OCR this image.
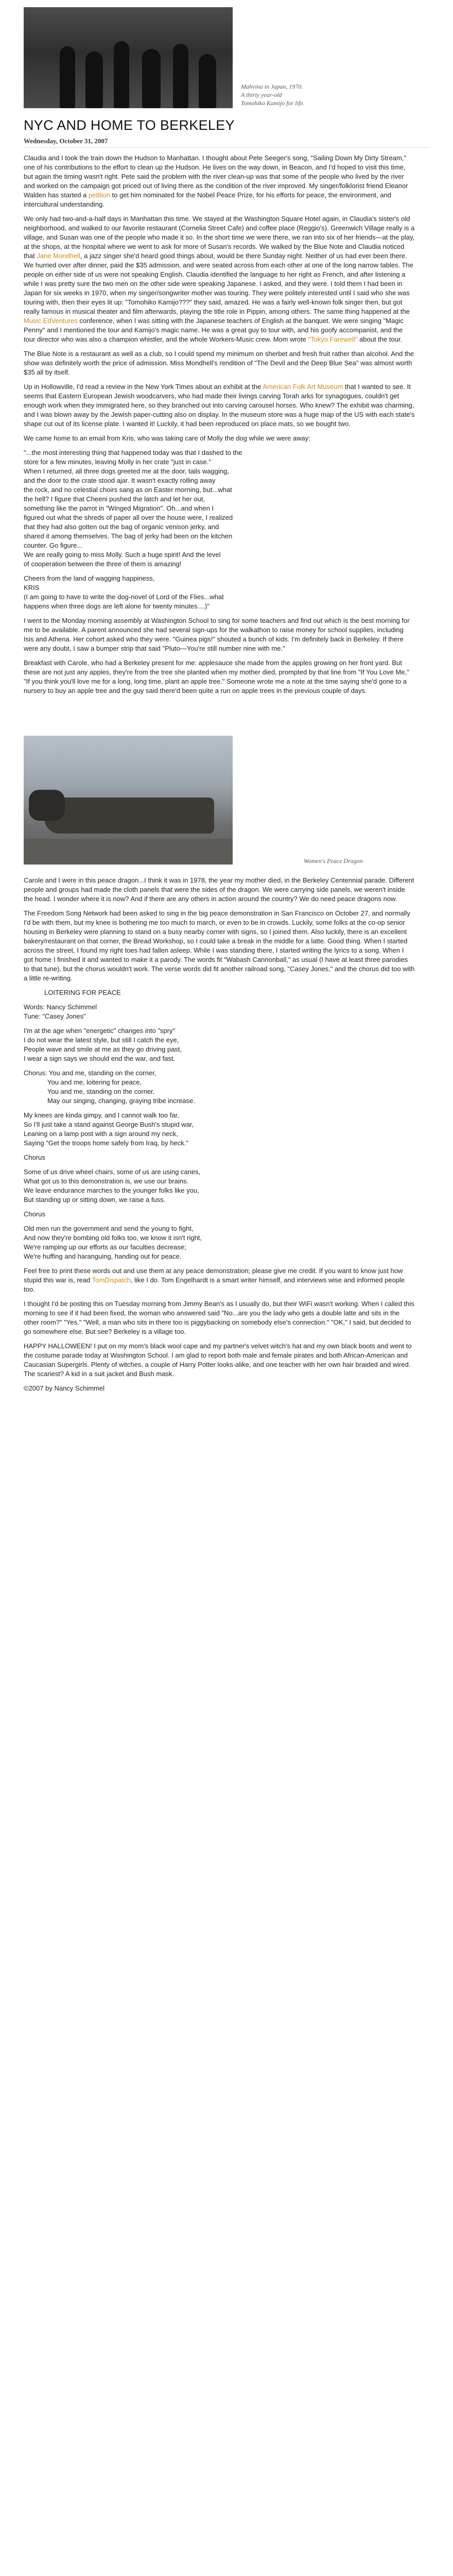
Mahvina in Japan, 1970.
A thirty year-old
Tomohiko Kamijo for life.
NYC AND HOME TO BERKELEY
Wednesday, October 31, 2007

Claudia and I took the train down the Hudson to Manhattan. I thought about Pete Seeger's song, "Sailing Down My Dirty Stream," one of his contributions to the effort to clean up the Hudson. He lives on the way down, in Beacon, and I'd hoped to visit this time, but again the timing wasn't right. Pete said the problem with the river clean-up was that some of the people who lived by the river and worked on the campaign got priced out of living there as the condition of the river improved. My singer/folklorist friend Eleanor Walden has started a petition to get him nominated for the Nobel Peace Prize, for his efforts for peace, the environment, and intercultural understanding.

We only had two-and-a-half days in Manhattan this time. We stayed at the Washington Square Hotel again, in Claudia's sister's old neighborhood, and walked to our favorite restaurant (Cornelia Street Cafe) and coffee place (Reggio's). Greenwich Village really is a village, and Susan was one of the people who made it so. In the short time we were there, we ran into six of her friends—at the play, at the shops, at the hospital where we went to ask for more of Susan's records. We walked by the Blue Note and Claudia noticed that Jane Mondhell, a jazz singer she'd heard good things about, would be there Sunday night. Neither of us had ever been there. We hurried over after dinner, paid the $35 admission, and were seated across from each other at one of the long narrow tables. The people on either side of us were not speaking English. Claudia identified the language to her right as French, and after listening a while I was pretty sure the two men on the other side were speaking Japanese. I asked, and they were. I told them I had been in Japan for six weeks in 1970, when my singer/songwriter mother was touring. They were politely interested until I said who she was touring with, then their eyes lit up: "Tomohiko Kamijo???" they said, amazed. He was a fairly well-known folk singer then, but got really famous in musical theater and film afterwards, playing the title role in Pippin, among others. The same thing happened at the Music EdVentures conference, when I was sitting with the Japanese teachers of English at the banquet. We were singing "Magic Penny" and I mentioned the tour and Kamijo's magic name. He was a great guy to tour with, and his goofy accompanist, and the tour director who was also a champion whistler, and the whole Workers-Music crew. Mom wrote "Tokyo Farewell" about the tour.

The Blue Note is a restaurant as well as a club, so I could spend my minimum on sherbet and fresh fruit rather than alcohol. And the show was definitely worth the price of admission. Miss Mondhell's rendition of "The Devil and the Deep Blue Sea" was almost worth $35 all by itself.

Up in Hollowville, I'd read a review in the New York Times about an exhibit at the American Folk Art Museum that I wanted to see. It seems that Eastern European Jewish woodcarvers, who had made their livings carving Torah arks for synagogues, couldn't get enough work when they immigrated here, so they branched out into carving carousel horses. Who knew? The exhibit was charming, and I was blown away by the Jewish paper-cutting also on display. In the museum store was a huge map of the US with each state's shape cut out of its license plate. I wanted it! Luckily, it had been reproduced on place mats, so we bought two.

We came home to an email from Kris, who was taking care of Molly the dog while we were away:

"...the most interesting thing that happened today was that I dashed to the
store for a few minutes, leaving Molly in her crate "just in case."
When I returned, all three dogs greeted me at the door, tails wagging,
and the door to the crate stood ajar. It wasn't exactly rolling away
the rock, and no celestial choirs sang as on Easter morning, but...what
the hell? I figure that Cheeni pushed the latch and let her out,
something like the parrot in "Winged Migration". Oh...and when I
figured out what the shreds of paper all over the house were, I realized
that they had also gotten out the bag of organic venison jerky, and
shared it among themselves. The bag of jerky had been on the kitchen
counter. Go figure...
We are really going to miss Molly. Such a huge spirit! And the level
of cooperation between the three of them is amazing!

Cheers from the land of wagging happiness,
KRIS
(I am going to have to write the dog-novel of Lord of the Flies...what
happens when three dogs are left alone for twenty minutes....)"

I went to the Monday morning assembly at Washington School to sing for some teachers and find out which is the best morning for me to be available. A parent announced she had several sign-ups for the walkathon to raise money for school supplies, including Isis and Athena. Her cohort asked who they were. "Guinea pigs!" shouted a bunch of kids. I'm definitely back in Berkeley. If there were any doubt, I saw a bumper strip that said "Pluto—You're still number nine with me."

Breakfast with Carole, who had a Berkeley present for me: applesauce she made from the apples growing on her front yard. But these are not just any apples, they're from the tree she planted when my mother died, prompted by that line from "If You Love Me," "If you think you'll love me for a long, long time, plant an apple tree." Someone wrote me a note at the time saying she'd gone to a nursery to buy an apple tree and the guy said there'd been quite a run on apple trees in the previous couple of days.

Women's Peace Dragon

Carole and I were in this peace dragon...I think it was in 1978, the year my mother died, in the Berkeley Centennial parade. Different people and groups had made the cloth panels that were the sides of the dragon. We were carrying side panels, we weren't inside the head. I wonder where it is now? And if there are any others in action around the country? We do need peace dragons now.

The Freedom Song Network had been asked to sing in the big peace demonstration in San Francisco on October 27, and normally I'd be with them, but my knee is bothering me too much to march, or even to be in crowds. Luckily, some folks at the co-op senior housing in Berkeley were planning to stand on a busy nearby corner with signs, so I joined them. Also luckily, there is an excellent bakery/restaurant on that corner, the Bread Workshop, so I could take a break in the middle for a latte. Good thing. When I started across the street, I found my right toes had fallen asleep. While I was standing there, I started writing the lyrics to a song. When I got home I finished it and wanted to make it a parody. The words fit "Wabash Cannonball," as usual (I have at least three parodies to that tune), but the chorus wouldn't work. The verse words did fit another railroad song, "Casey Jones," and the chorus did too with a little re-writing.

LOITERING FOR PEACE

Words: Nancy Schimmel
Tune: "Casey Jones"

I'm at the age when "energetic" changes into "spry"
I do not wear the latest style, but still I catch the eye,
People wave and smile at me as they go driving past,
I wear a sign says we should end the war, and fast.

Chorus: You and me, standing on the corner,
You and me, loitering for peace,
You and me, standing on the corner,
May our singing, changing, graying tribe increase.

My knees are kinda gimpy, and I cannot walk too far,
So I'll just take a stand against George Bush's stupid war,
Leaning on a lamp post with a sign around my neck,
Saying "Get the troops home safely from Iraq, by heck."

Chorus

Some of us drive wheel chairs, some of us are using canes,
What got us to this demonstration is, we use our brains.
We leave endurance marches to the younger folks like you,
But standing up or sitting down, we raise a fuss.

Chorus

Old men run the government and send the young to fight,
And now they're bombing old folks too, we know it isn't right,
We're ramping up our efforts as our faculties decrease;
We're huffing and haranguing, handing out for peace.

Feel free to print these words out and use them at any peace demonstration; please give me credit. If you want to know just how stupid this war is, read TomDispatch, like I do. Tom Engelhardt is a smart writer himself, and interviews wise and informed people too.

I thought I'd be posting this on Tuesday morning from Jimmy Bean's as I usually do, but their WiFi wasn't working. When I called this morning to see if it had been fixed, the woman who answered said "No...are you the lady who gets a double latte and sits in the other room?" "Yes." "Well, a man who sits in there too is piggybacking on somebody else's connection." "OK," I said, but decided to go somewhere else. But see? Berkeley is a village too.

HAPPY HALLOWEEN! I put on my mom's black wool cape and my partner's velvet witch's hat and my own black boots and went to the costume parade today at Washington School. I am glad to report both male and female pirates and both African-American and Caucasian Supergirls. Plenty of witches, a couple of Harry Potter looks-alike, and one teacher with her own hair braided and wired. The scariest? A kid in a suit jacket and Bush mask.

©2007 by Nancy Schimmel
